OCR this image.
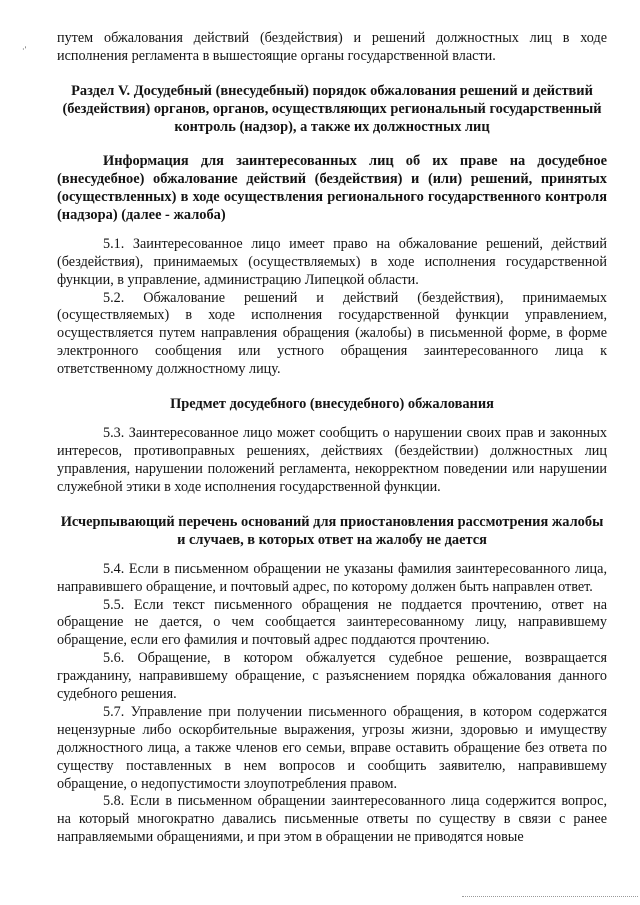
·'

путем обжалования действий (бездействия) и решений должностных лиц в ходе исполнения регламента в вышестоящие органы государственной власти.

Раздел V. Досудебный (внесудебный) порядок обжалования решений и действий (бездействия) органов, органов, осуществляющих региональный государственный контроль (надзор), а также их должностных лиц

Информация для заинтересованных лиц об их праве на досудебное (внесудебное) обжалование действий (бездействия) и (или) решений, принятых (осуществленных) в ходе осуществления регионального государственного контроля (надзора) (далее - жалоба)

5.1. Заинтересованное лицо имеет право на обжалование решений, действий (бездействия), принимаемых (осуществляемых) в ходе исполнения государственной функции, в управление, администрацию Липецкой области.

5.2. Обжалование решений и действий (бездействия), принимаемых (осуществляемых) в ходе исполнения государственной функции управлением, осуществляется путем направления обращения (жалобы) в письменной форме, в форме электронного сообщения или устного обращения заинтересованного лица к ответственному должностному лицу.

Предмет досудебного (внесудебного) обжалования

5.3. Заинтересованное лицо может сообщить о нарушении своих прав и законных интересов, противоправных решениях, действиях (бездействии) должностных лиц управления, нарушении положений регламента, некорректном поведении или нарушении служебной этики в ходе исполнения государственной функции.

Исчерпывающий перечень оснований для приостановления рассмотрения жалобы и случаев, в которых ответ на жалобу не дается

5.4. Если в письменном обращении не указаны фамилия заинтересованного лица, направившего обращение, и почтовый адрес, по которому должен быть направлен ответ.

5.5. Если текст письменного обращения не поддается прочтению, ответ на обращение не дается, о чем сообщается заинтересованному лицу, направившему обращение, если его фамилия и почтовый адрес поддаются прочтению.

5.6. Обращение, в котором обжалуется судебное решение, возвращается гражданину, направившему обращение, с разъяснением порядка обжалования данного судебного решения.

5.7. Управление при получении письменного обращения, в котором содержатся нецензурные либо оскорбительные выражения, угрозы жизни, здоровью и имуществу должностного лица, а также членов его семьи, вправе оставить обращение без ответа по существу поставленных в нем вопросов и сообщить заявителю, направившему обращение, о недопустимости злоупотребления правом.

5.8. Если в письменном обращении заинтересованного лица содержится вопрос, на который многократно давались письменные ответы по существу в связи с ранее направляемыми обращениями, и при этом в обращении не приводятся новые
